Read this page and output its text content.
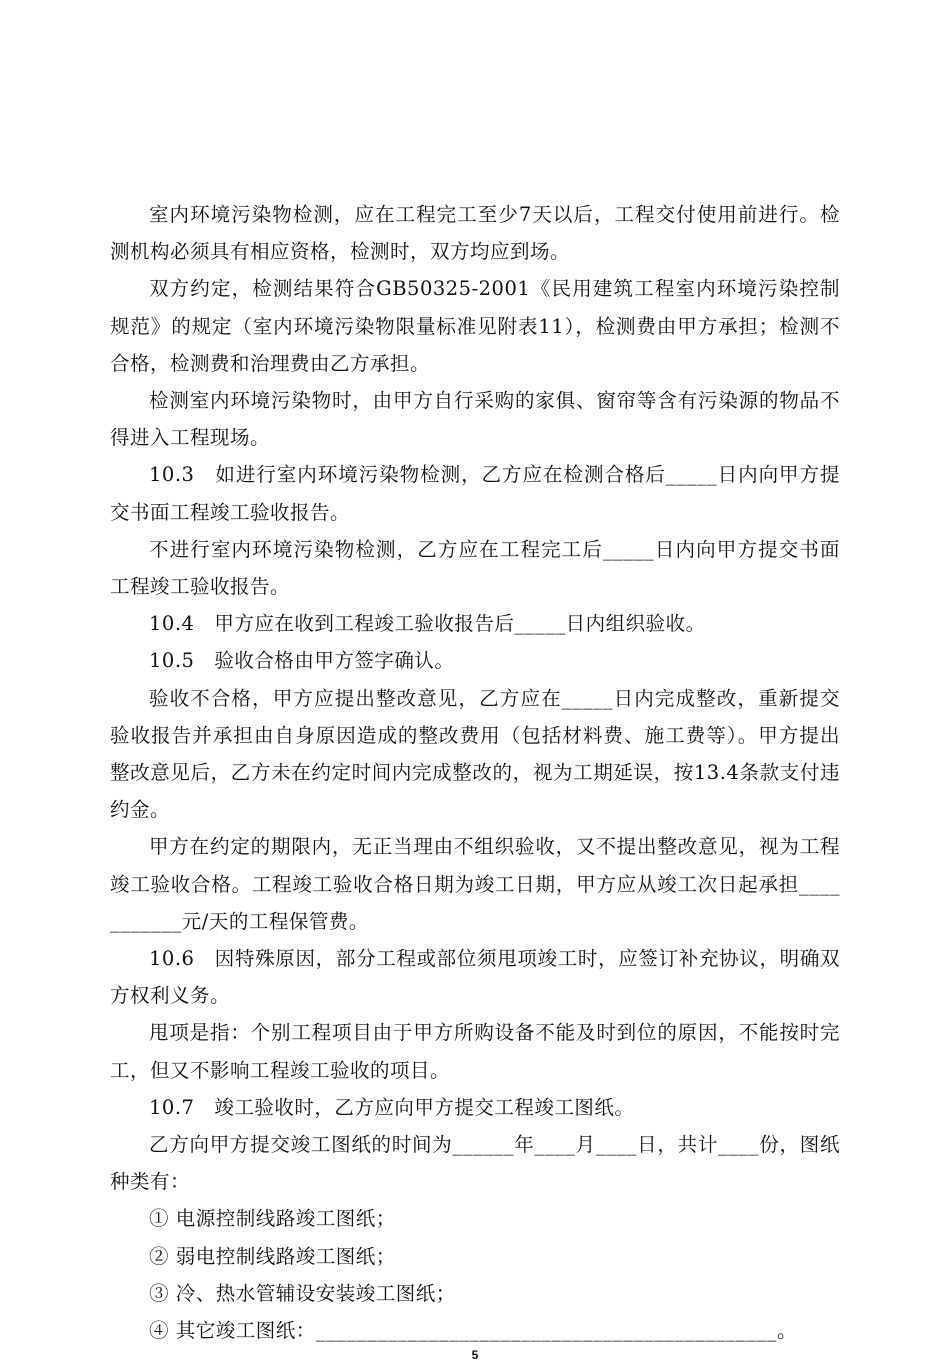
室内环境污染物检测，应在工程完工至少7天以后，工程交付使用前进行。检测机构必须具有相应资格，检测时，双方均应到场。

双方约定，检测结果符合GB50325-2001《民用建筑工程室内环境污染控制规范》的规定（室内环境污染物限量标准见附表11），检测费由甲方承担；检测不合格，检测费和治理费由乙方承担。

检测室内环境污染物时，由甲方自行采购的家俱、窗帘等含有污染源的物品不得进入工程现场。

10.3　如进行室内环境污染物检测，乙方应在检测合格后_____日内向甲方提交书面工程竣工验收报告。

不进行室内环境污染物检测，乙方应在工程完工后_____日内向甲方提交书面工程竣工验收报告。

10.4　甲方应在收到工程竣工验收报告后_____日内组织验收。

10.5　验收合格由甲方签字确认。

验收不合格，甲方应提出整改意见，乙方应在_____日内完成整改，重新提交验收报告并承担由自身原因造成的整改费用（包括材料费、施工费等）。甲方提出整改意见后，乙方未在约定时间内完成整改的，视为工期延误，按13.4条款支付违约金。

甲方在约定的期限内，无正当理由不组织验收，又不提出整改意见，视为工程竣工验收合格。工程竣工验收合格日期为竣工日期，甲方应从竣工次日起承担___________元/天的工程保管费。

10.6　因特殊原因，部分工程或部位须甩项竣工时，应签订补充协议，明确双方权利义务。

甩项是指：个别工程项目由于甲方所购设备不能及时到位的原因，不能按时完工，但又不影响工程竣工验收的项目。

10.7　竣工验收时，乙方应向甲方提交工程竣工图纸。

乙方向甲方提交竣工图纸的时间为______年____月____日，共计____份，图纸种类有：

① 电源控制线路竣工图纸；

② 弱电控制线路竣工图纸；

③ 冷、热水管辅设安装竣工图纸；

④ 其它竣工图纸：_____________________________________________。

5
